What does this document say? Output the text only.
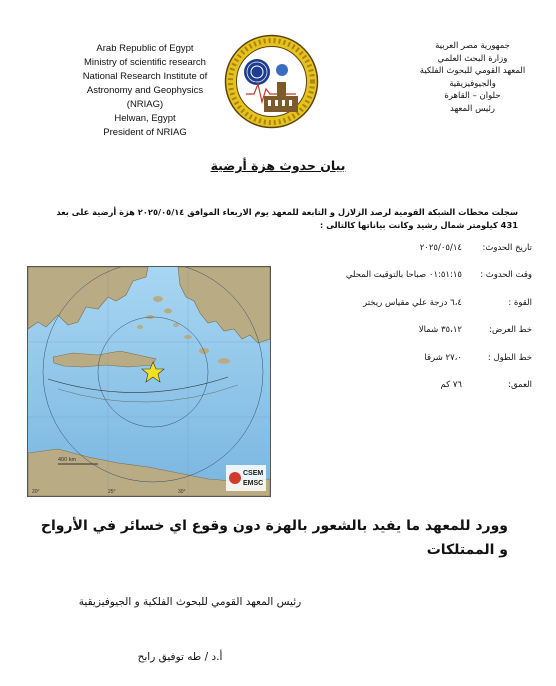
Arab Republic of Egypt
Ministry of scientific research
National Research Institute of
Astronomy and Geophysics
(NRIAG)
Helwan, Egypt
President of NRIAG
جمهورية مصر العربية
وزارة البحث العلمي
المعهد القومي للبحوث الفلكية
والجيوفيزيقية
حلوان – القاهرة
رئيس المعهد
بيان حدوث هزة أرضية
سجلت محطات الشبكة القومية لرصد الزلازل و التابعة للمعهد يوم الاربعاء الموافق ٢٠٢٥/٠٥/١٤ هزة أرضية على بعد 431 كيلومتر شمال رشيد وكانت بياناتها كالتالى :
تاريخ الحدوث:
٢٠٢٥/٠٥/١٤
وقت الحدوث :
٠١:٥١:١٥ صباحا بالتوقيت المحلي
القوة :
٦،٤ درجة علي مقياس ريختر
خط العرض:
٣٥،١٢ شمالا
خط الطول :
٢٧،٠ شرقا
العمق:
٧٦ كم
400 km
20°	25°	30°
CSEM
EMSC
وورد للمعهد ما يفيد بالشعور بالهزة دون وقوع اي خسائر في الأرواح و الممتلكات
رئيس المعهد القومي للبحوث الفلكية و الجيوفيزيقية
أ.د / طه توفيق رابح
